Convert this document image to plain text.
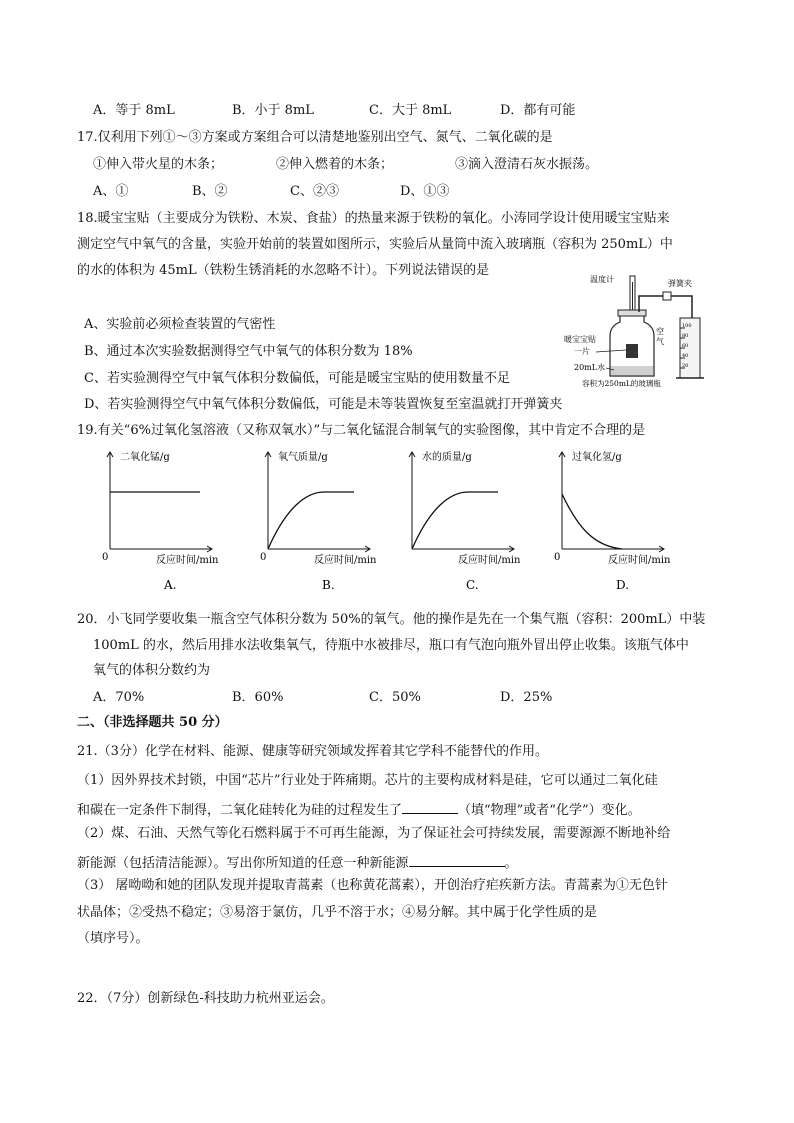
A．等于 8mL	B．小于 8mL	C．大于 8mL	D．都有可能
17.仅利用下列①～③方案或方案组合可以清楚地鉴别出空气、氮气、二氧化碳的是
①伸入带火星的木条；	②伸入燃着的木条；	③滴入澄清石灰水振荡。
A、①	B、②	C、②③	D、①③
18.暖宝宝贴（主要成分为铁粉、木炭、食盐）的热量来源于铁粉的氧化。小涛同学设计使用暖宝宝贴来
测定空气中氧气的含量，实验开始前的装置如图所示，实验后从量筒中流入玻璃瓶（容积为 250mL）中
的水的体积为 45mL（铁粉生锈消耗的水忽略不计）。下列说法错误的是
A、实验前必须检查装置的气密性
B、通过本次实验数据测得空气中氧气的体积分数为 18%
C、若实验测得空气中氧气体积分数偏低，可能是暖宝宝贴的使用数量不足
D、若实验测得空气中氧气体积分数偏低，可能是未等装置恢复至室温就打开弹簧夹
100
80
60
40
20
温度计	弹簧夹
暖宝宝贴
一片
空
气
20mL水
容积为250mL的玻璃瓶
19.有关“6%过氧化氢溶液（又称双氧水）”与二氧化锰混合制氧气的实验图像，其中肯定不合理的是
二氧化锰/g
0	反应时间/min
A.
氧气质量/g
0	反应时间/min
B.
水的质量/g
反应时间/min
C.
过氧化氢/g
0	反应时间/min
D.
20．小飞同学要收集一瓶含空气体积分数为 50%的氧气。他的操作是先在一个集气瓶（容积：200mL）中装
100mL 的水，然后用排水法收集氧气，待瓶中水被排尽，瓶口有气泡向瓶外冒出停止收集。该瓶气体中
氧气的体积分数约为
A．70%	B．60%	C．50%	D．25%
二、（非选择题共 50 分）
21.（3分）化学在材料、能源、健康等研究领域发挥着其它学科不能替代的作用。
（1）因外界技术封锁，中国“芯片”行业处于阵痛期。芯片的主要构成材料是硅，它可以通过二氧化硅
和碳在一定条件下制得，二氧化硅转化为硅的过程发生了	（填“物理”或者“化学”）变化。
（2）煤、石油、天然气等化石燃料属于不可再生能源，为了保证社会可持续发展，需要源源不断地补给
新能源（包括清洁能源）。写出你所知道的任意一种新能源	。
（3） 屠呦呦和她的团队发现并提取青蒿素（也称黄花蒿素），开创治疗疟疾新方法。青蒿素为①无色针
状晶体；②受热不稳定；③易溶于氯仿，几乎不溶于水；④易分解。其中属于化学性质的是
（填序号）。
22．（7分）创新绿色-科技助力杭州亚运会。
